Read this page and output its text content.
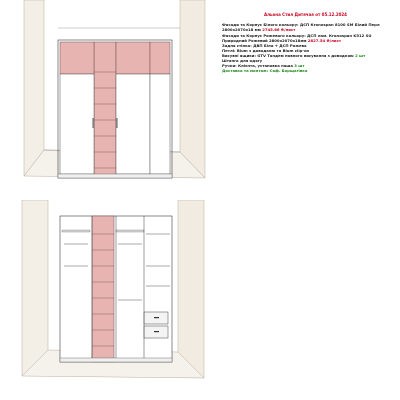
Альона Cтил Дитячая от 05.12.2024

Фасади та Корпус Білого кольору: ДСП Кronospan 8100 SM Білий Перл 2800х2070х18 мм 2745.66 ₴/лист

Фасади та Корпус Рожевого кольору: ДСП лам. Кronospan K512 SU Природний Рожевий 2800х2070х18мм 2827.54 ₴/лист

Задня стінка: ДВП Біла + ДСП Рожева

Петлі: Blum з доводкою та Blum clip-on

Висувні ящики: GTV Тандем повного висування з доводкою 2 шт

Штанга для одягу

Ручки: Клієнта, установка наша 3 шт

Доставка та монтаж: Соф. Борщагівка
